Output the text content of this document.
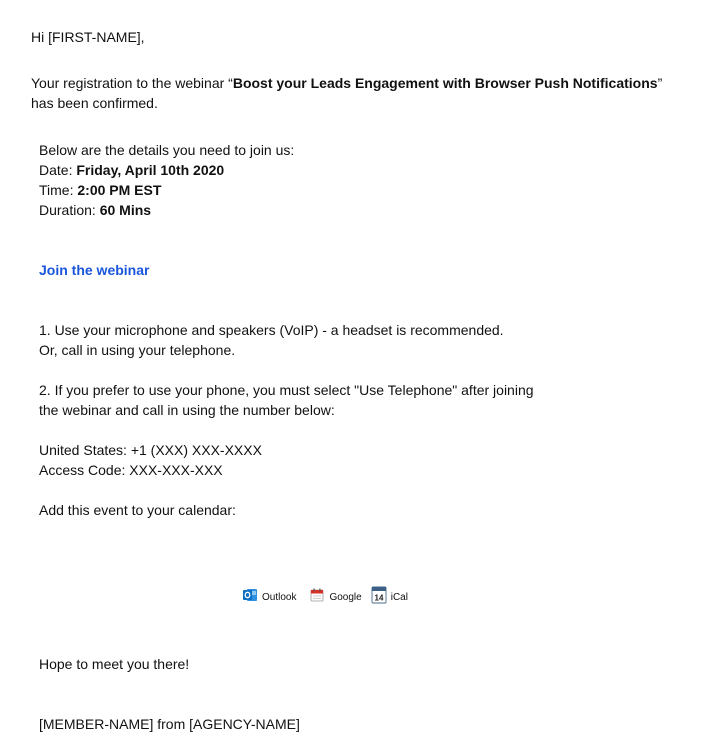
Hi [FIRST-NAME],

Your registration to the webinar “Boost your Leads Engagement with Browser Push Notifications” has been confirmed.

Below are the details you need to join us:
Date: Friday, April 10th 2020
Time: 2:00 PM EST
Duration: 60 Mins
Join the webinar
1. Use your microphone and speakers (VoIP) - a headset is recommended.
Or, call in using your telephone.
2. If you prefer to use your phone, you must select "Use Telephone" after joining
the webinar and call in using the number below:
United States: +1 (XXX) XXX-XXXX
Access Code: XXX-XXX-XXX

Add this event to your calendar:

Outlook	Google 14 iCal

Hope to meet you there!

[MEMBER-NAME] from [AGENCY-NAME]
